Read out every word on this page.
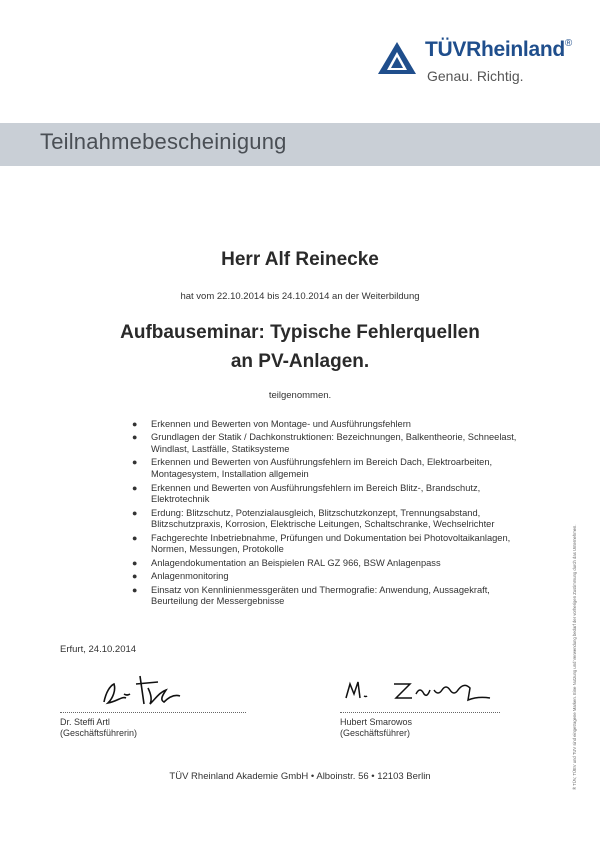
TÜVRheinland®
Genau. Richtig.
Teilnahmebescheinigung
Herr Alf Reinecke
hat vom 22.10.2014 bis 24.10.2014 an der Weiterbildung
Aufbauseminar: Typische Fehlerquellen
an PV-Anlagen.
teilgenommen.
● Erkennen und Bewerten von Montage- und Ausführungsfehlern
● Grundlagen der Statik / Dachkonstruktionen: Bezeichnungen, Balkentheorie, Schneelast, Windlast, Lastfälle, Statiksysteme
● Erkennen und Bewerten von Ausführungsfehlern im Bereich Dach, Elektroarbeiten, Montagesystem, Installation allgemein
● Erkennen und Bewerten von Ausführungsfehlern im Bereich Blitz-, Brandschutz, Elektrotechnik
● Erdung: Blitzschutz, Potenzialausgleich, Blitzschutzkonzept, Trennungsabstand, Blitzschutzpraxis, Korrosion, Elektrische Leitungen, Schaltschranke, Wechselrichter
● Fachgerechte Inbetriebnahme, Prüfungen und Dokumentation bei Photovoltaikanlagen, Normen, Messungen, Protokolle
● Anlagendokumentation an Beispielen RAL GZ 966, BSW Anlagenpass
● Anlagenmonitoring
● Einsatz von Kennlinienmessgeräten und Thermografie: Anwendung, Aussagekraft, Beurteilung der Messergebnisse
Erfurt, 24.10.2014
Dr. Steffi Artl
(Geschäftsführerin)
Hubert Smarowos
(Geschäftsführer)
TÜV Rheinland Akademie GmbH • Alboinstr. 56 • 12103 Berlin	® TÜV, TÜEV und TUV sind eingetragene Marken. Eine Nutzung und Verwendung bedarf der vorherigen Zustimmung durch das Unternehmen.
